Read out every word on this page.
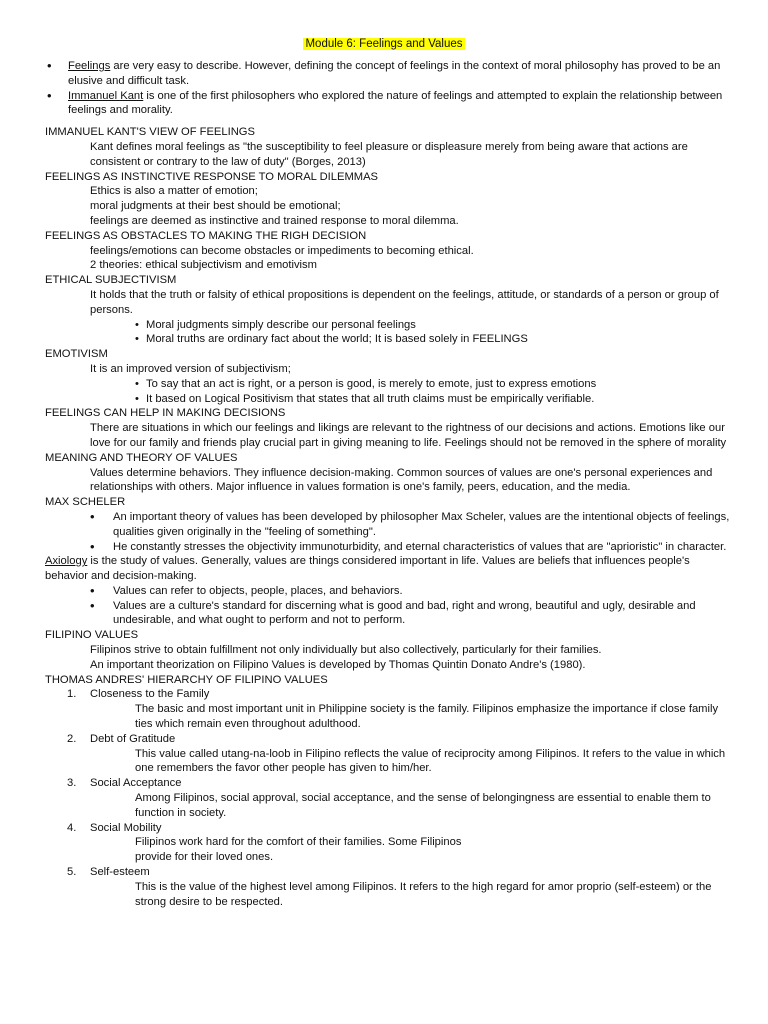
Module 6: Feelings and Values
• Feelings are very easy to describe. However, defining the concept of feelings in the context of moral philosophy has proved to be an elusive and difficult task.
• Immanuel Kant is one of the first philosophers who explored the nature of feelings and attempted to explain the relationship between feelings and morality.

IMMANUEL KANT'S VIEW OF FEELINGS

Kant defines moral feelings as "the susceptibility to feel pleasure or displeasure merely from being aware that actions are consistent or contrary to the law of duty" (Borges, 2013)

FEELINGS AS INSTINCTIVE RESPONSE TO MORAL DILEMMAS

Ethics is also a matter of emotion;

moral judgments at their best should be emotional;

feelings are deemed as instinctive and trained response to moral dilemma.

FEELINGS AS OBSTACLES TO MAKING THE RIGH DECISION

feelings/emotions can become obstacles or impediments to becoming ethical.

2 theories: ethical subjectivism and emotivism

ETHICAL SUBJECTIVISM

It holds that the truth or falsity of ethical propositions is dependent on the feelings, attitude, or standards of a person or group of persons.

• Moral judgments simply describe our personal feelings
• Moral truths are ordinary fact about the world; It is based solely in FEELINGS

EMOTIVISM

It is an improved version of subjectivism;

• To say that an act is right, or a person is good, is merely to emote, just to express emotions
• It based on Logical Positivism that states that all truth claims must be empirically verifiable.

FEELINGS CAN HELP IN MAKING DECISIONS

There are situations in which our feelings and likings are relevant to the rightness of our decisions and actions. Emotions like our love for our family and friends play crucial part in giving meaning to life. Feelings should not be removed in the sphere of morality

MEANING AND THEORY OF VALUES

Values determine behaviors. They influence decision-making. Common sources of values are one's personal experiences and relationships with others. Major influence in values formation is one's family, peers, education, and the media.

MAX SCHELER

• An important theory of values has been developed by philosopher Max Scheler, values are the intentional objects of feelings, qualities given originally in the "feeling of something".
• He constantly stresses the objectivity immunoturbidity, and eternal characteristics of values that are "aprioristic" in character.

Axiology is the study of values. Generally, values are things considered important in life. Values are beliefs that influences people's behavior and decision-making.

• Values can refer to objects, people, places, and behaviors.
• Values are a culture's standard for discerning what is good and bad, right and wrong, beautiful and ugly, desirable and undesirable, and what ought to perform and not to perform.

FILIPINO VALUES

Filipinos strive to obtain fulfillment not only individually but also collectively, particularly for their families.

An important theorization on Filipino Values is developed by Thomas Quintin Donato Andre's (1980).

THOMAS ANDRES' HIERARCHY OF FILIPINO VALUES

1. Closeness to the Family
The basic and most important unit in Philippine society is the family. Filipinos emphasize the importance if close family ties which remain even throughout adulthood.
2. Debt of Gratitude
This value called utang-na-loob in Filipino reflects the value of reciprocity among Filipinos. It refers to the value in which one remembers the favor other people has given to him/her.
3. Social Acceptance
Among Filipinos, social approval, social acceptance, and the sense of belongingness are essential to enable them to function in society.
4. Social Mobility
Filipinos work hard for the comfort of their families. Some Filipinos
provide for their loved ones.
5. Self-esteem
This is the value of the highest level among Filipinos. It refers to the high regard for amor proprio (self-esteem) or the strong desire to be respected.
